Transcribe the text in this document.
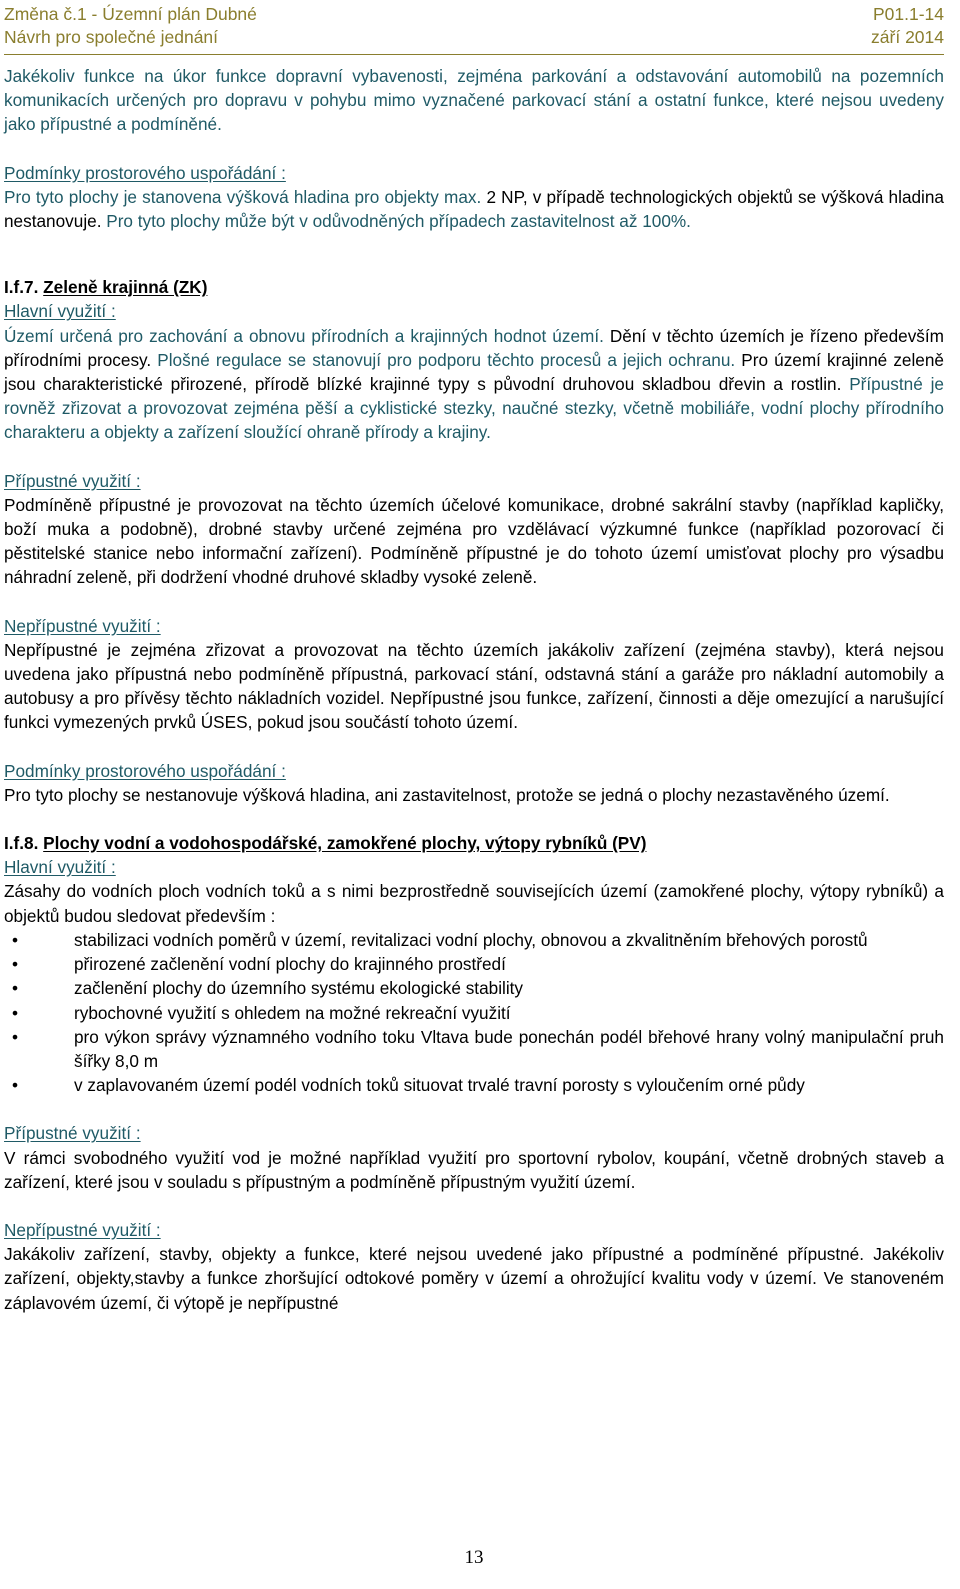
Změna č.1 - Územní plán Dubné
Návrh pro společné jednání
P01.1-14
září 2014

Jakékoliv funkce na úkor funkce dopravní vybavenosti, zejména parkování a odstavování automobilů na pozemních komunikacích určených pro dopravu v pohybu mimo vyznačené parkovací stání a ostatní funkce, které nejsou uvedeny jako přípustné a podmíněné.

Podmínky prostorového uspořádání :

Pro tyto plochy je stanovena výšková hladina pro objekty max. 2 NP, v případě technologických objektů se výšková hladina nestanovuje. Pro tyto plochy může být v odůvodněných případech zastavitelnost až 100%.

I.f.7. Zeleně krajinná (ZK)

Hlavní využití :

Území určená pro zachování a obnovu přírodních a krajinných hodnot území. Dění v těchto územích je řízeno především přírodními procesy. Plošné regulace se stanovují pro podporu těchto procesů a jejich ochranu. Pro území krajinné zeleně jsou charakteristické přirozené, přírodě blízké krajinné typy s původní druhovou skladbou dřevin a rostlin. Přípustné je rovněž zřizovat a provozovat zejména pěší a cyklistické stezky, naučné stezky, včetně mobiliáře, vodní plochy přírodního charakteru a objekty a zařízení sloužící ohraně přírody a krajiny.

Přípustné využití :

Podmíněně přípustné je provozovat na těchto územích účelové komunikace, drobné sakrální stavby (například kapličky, boží muka a podobně), drobné stavby určené zejména pro vzdělávací výzkumné funkce (například pozorovací či pěstitelské stanice nebo informační zařízení). Podmíněně přípustné je do tohoto území umisťovat plochy pro výsadbu náhradní zeleně, při dodržení vhodné druhové skladby vysoké zeleně.

Nepřípustné využití :

Nepřípustné je zejména zřizovat a provozovat na těchto územích jakákoliv zařízení (zejména stavby), která nejsou uvedena jako přípustná nebo podmíněně přípustná, parkovací stání, odstavná stání a garáže pro nákladní automobily a autobusy a pro přívěsy těchto nákladních vozidel. Nepřípustné jsou funkce, zařízení, činnosti a děje omezující a narušující funkci vymezených prvků ÚSES, pokud jsou součástí tohoto území.

Podmínky prostorového uspořádání :

Pro tyto plochy se nestanovuje výšková hladina, ani zastavitelnost, protože se jedná o plochy nezastavěného území.

I.f.8. Plochy vodní a vodohospodářské, zamokřené plochy, výtopy rybníků (PV)

Hlavní využití :

Zásahy do vodních ploch vodních toků a s nimi bezprostředně souvisejících území (zamokřené plochy, výtopy rybníků) a objektů budou sledovat především :

•	stabilizaci vodních poměrů v území, revitalizaci vodní plochy, obnovou a zkvalitněním břehových porostů
•	přirozené začlenění vodní plochy do krajinného prostředí
•	začlenění plochy do územního systému ekologické stability
•	rybochovné využití s ohledem na možné rekreační využití
•	pro výkon správy významného vodního toku Vltava bude ponechán podél břehové hrany volný manipulační pruh šířky 8,0 m
•	v zaplavovaném území podél vodních toků situovat trvalé travní porosty s vyloučením orné půdy

Přípustné využití :

V rámci svobodného využití vod je možné například využití pro sportovní rybolov, koupání, včetně drobných staveb a zařízení, které jsou v souladu s přípustným a podmíněně přípustným využití území.

Nepřípustné využití :

Jakákoliv zařízení, stavby, objekty a funkce, které nejsou uvedené jako přípustné a podmíněné přípustné. Jakékoliv zařízení, objekty,stavby a funkce zhoršující odtokové poměry v území a ohrožující kvalitu vody v území. Ve stanoveném záplavovém území, či výtopě je nepřípustné

13
